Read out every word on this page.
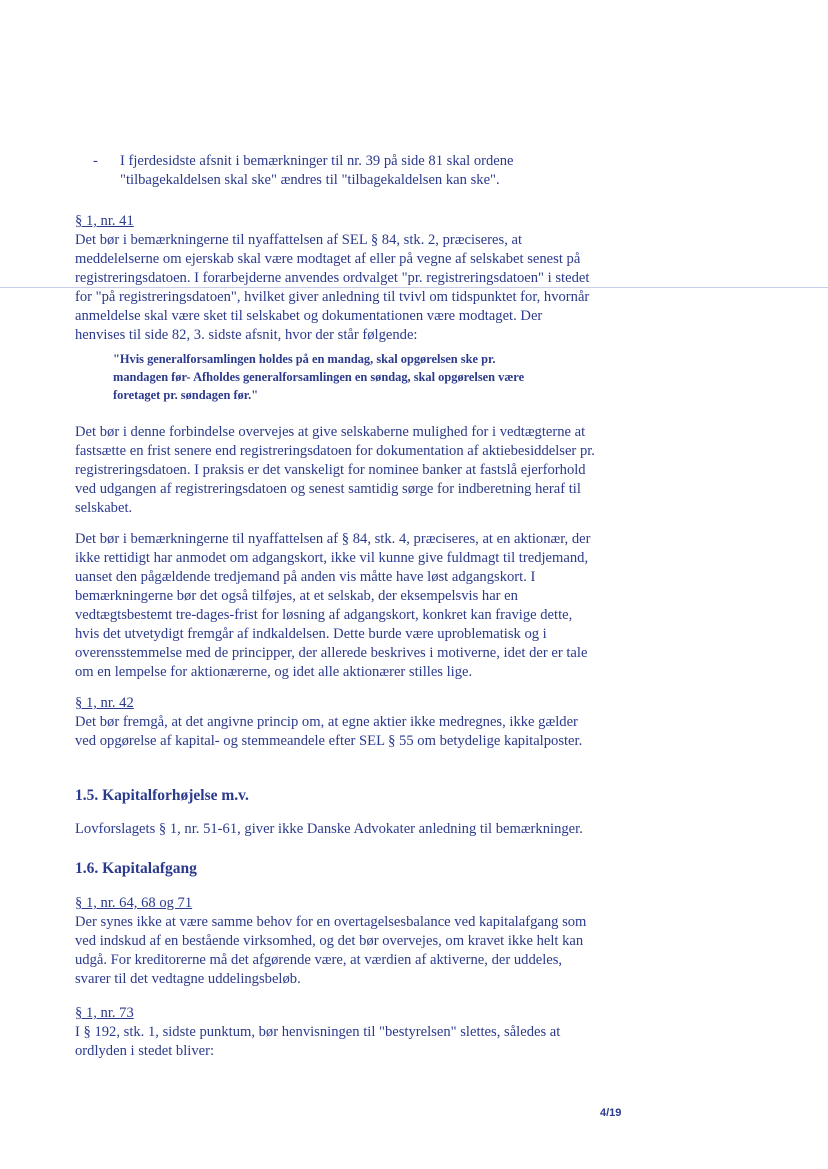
- I fjerdesidste afsnit i bemærkninger til nr. 39 på side 81 skal ordene "tilbagekaldelsen skal ske" ændres til "tilbagekaldelsen kan ske".
§ 1, nr. 41

Det bør i bemærkningerne til nyaffattelsen af SEL § 84, stk. 2, præciseres, at meddelelserne om ejerskab skal være modtaget af eller på vegne af selskabet senest på registreringsdatoen. I forarbejderne anvendes ordvalget "pr. registreringsdatoen" i stedet for "på registreringsdatoen", hvilket giver anledning til tvivl om tidspunktet for, hvornår anmeldelse skal være sket til selskabet og dokumentationen være modtaget. Der henvises til side 82, 3. sidste afsnit, hvor der står følgende:

"Hvis generalforsamlingen holdes på en mandag, skal opgørelsen ske pr. mandagen før- Afholdes generalforsamlingen en søndag, skal opgørelsen være foretaget pr. søndagen før."

Det bør i denne forbindelse overvejes at give selskaberne mulighed for i vedtægterne at fastsætte en frist senere end registreringsdatoen for dokumentation af aktiebesiddelser pr. registreringsdatoen. I praksis er det vanskeligt for nominee banker at fastslå ejerforhold ved udgangen af registreringsdatoen og senest samtidig sørge for indberetning heraf til selskabet.

Det bør i bemærkningerne til nyaffattelsen af § 84, stk. 4, præciseres, at en aktionær, der ikke rettidigt har anmodet om adgangskort, ikke vil kunne give fuldmagt til tredjemand, uanset den pågældende tredjemand på anden vis måtte have løst adgangskort. I bemærkningerne bør det også tilføjes, at et selskab, der eksempelsvis har en vedtægtsbestemt tre-dages-frist for løsning af adgangskort, konkret kan fravige dette, hvis det utvetydigt fremgår af indkaldelsen. Dette burde være uproblematisk og i overensstemmelse med de principper, der allerede beskrives i motiverne, idet der er tale om en lempelse for aktionærerne, og idet alle aktionærer stilles lige.

§ 1, nr. 42

Det bør fremgå, at det angivne princip om, at egne aktier ikke medregnes, ikke gælder ved opgørelse af kapital- og stemmeandele efter SEL § 55 om betydelige kapitalposter.

1.5. Kapitalforhøjelse m.v.

Lovforslagets § 1, nr. 51-61, giver ikke Danske Advokater anledning til bemærkninger.

1.6. Kapitalafgang
§ 1, nr. 64, 68 og 71

Der synes ikke at være samme behov for en overtagelsesbalance ved kapitalafgang som ved indskud af en bestående virksomhed, og det bør overvejes, om kravet ikke helt kan udgå. For kreditorerne må det afgørende være, at værdien af aktiverne, der uddeles, svarer til det vedtagne uddelingsbeløb.

§ 1, nr. 73

I § 192, stk. 1, sidste punktum, bør henvisningen til "bestyrelsen" slettes, således at ordlyden i stedet bliver:

4/19
